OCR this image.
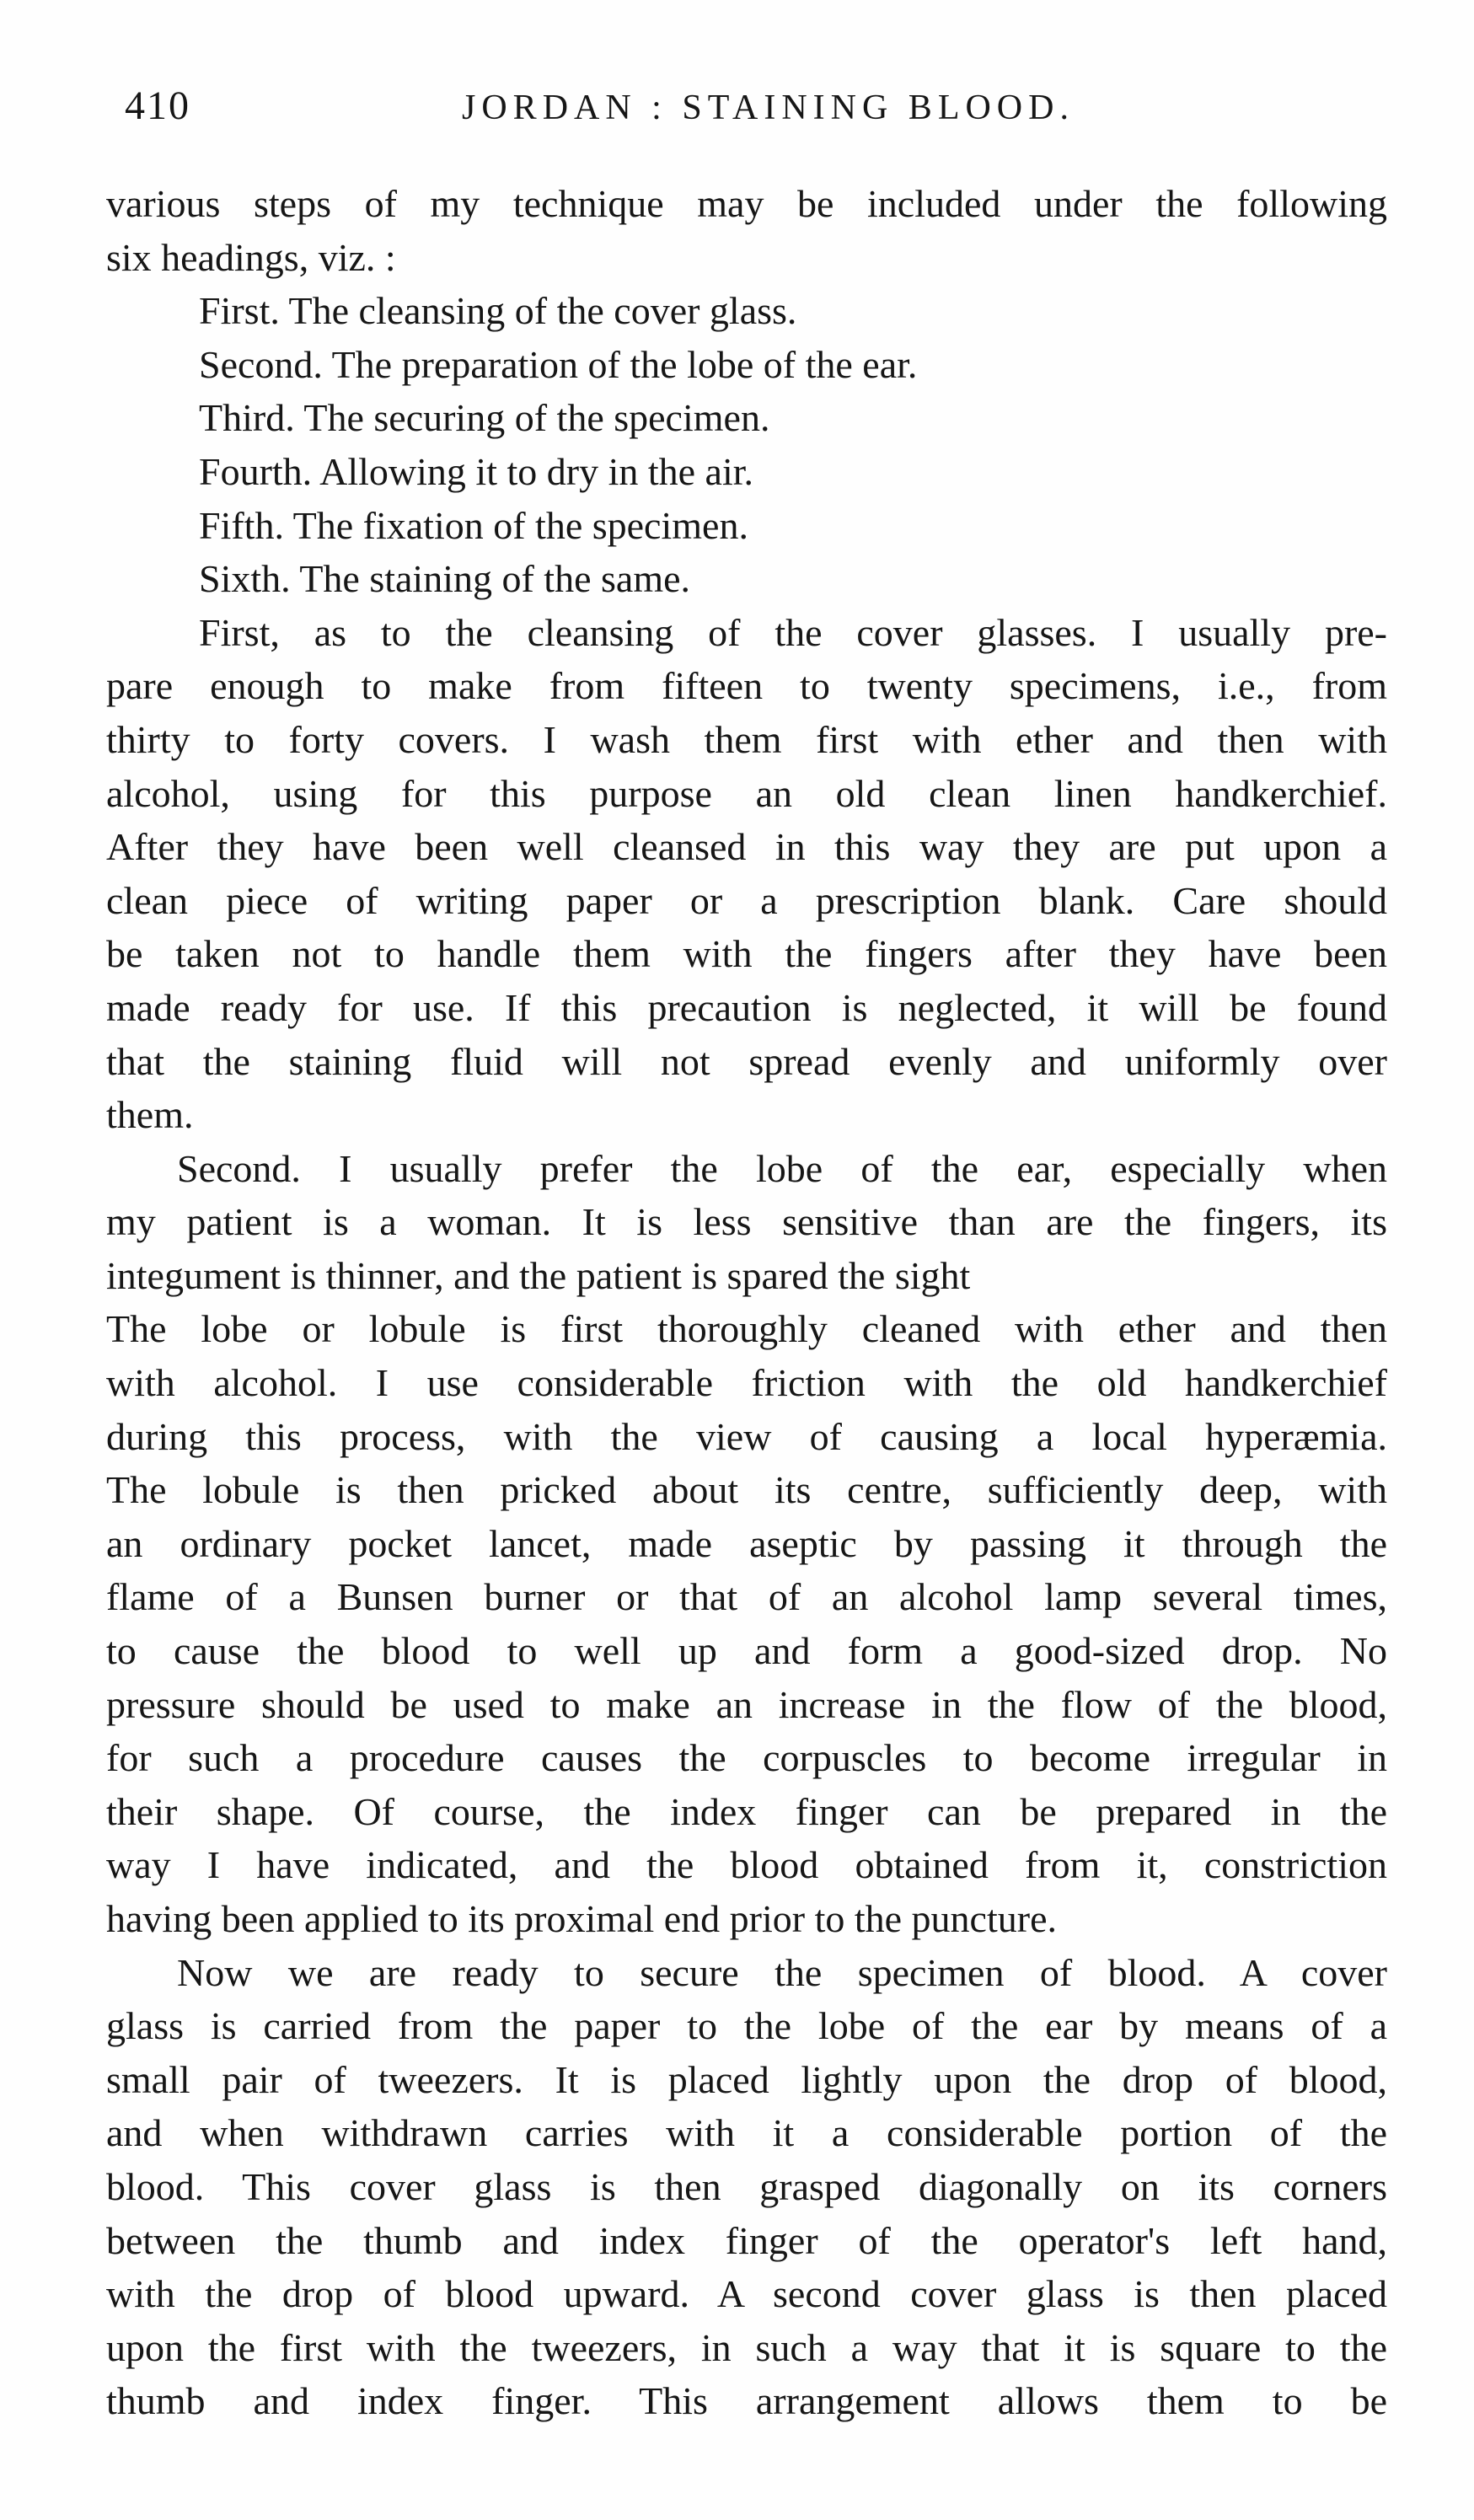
410	JORDAN : STAINING BLOOD.
various steps of my technique may be included under the following
six headings, viz. :
First. The cleansing of the cover glass.
Second. The preparation of the lobe of the ear.
Third. The securing of the specimen.
Fourth. Allowing it to dry in the air.
Fifth. The fixation of the specimen.
Sixth. The staining of the same.
First, as to the cleansing of the cover glasses. I usually pre-
pare enough to make from fifteen to twenty specimens, i.e., from
thirty to forty covers. I wash them first with ether and then with
alcohol, using for this purpose an old clean linen handkerchief.
After they have been well cleansed in this way they are put upon a
clean piece of writing paper or a prescription blank. Care should
be taken not to handle them with the fingers after they have been
made ready for use. If this precaution is neglected, it will be found
that the staining fluid will not spread evenly and uniformly over
them.
Second. I usually prefer the lobe of the ear, especially when
my patient is a woman. It is less sensitive than are the fingers, its
integument is thinner, and the patient is spared the sight
The lobe or lobule is first thoroughly cleaned with ether and then
with alcohol. I use considerable friction with the old handkerchief
during this process, with the view of causing a local hyperæmia.
The lobule is then pricked about its centre, sufficiently deep, with
an ordinary pocket lancet, made aseptic by passing it through the
flame of a Bunsen burner or that of an alcohol lamp several times,
to cause the blood to well up and form a good-sized drop. No
pressure should be used to make an increase in the flow of the blood,
for such a procedure causes the corpuscles to become irregular in
their shape. Of course, the index finger can be prepared in the
way I have indicated, and the blood obtained from it, constriction
having been applied to its proximal end prior to the puncture.
Now we are ready to secure the specimen of blood. A cover
glass is carried from the paper to the lobe of the ear by means of a
small pair of tweezers. It is placed lightly upon the drop of blood,
and when withdrawn carries with it a considerable portion of the
blood. This cover glass is then grasped diagonally on its corners
between the thumb and index finger of the operator's left hand,
with the drop of blood upward. A second cover glass is then placed
upon the first with the tweezers, in such a way that it is square to the
thumb and index finger. This arrangement allows them to be
